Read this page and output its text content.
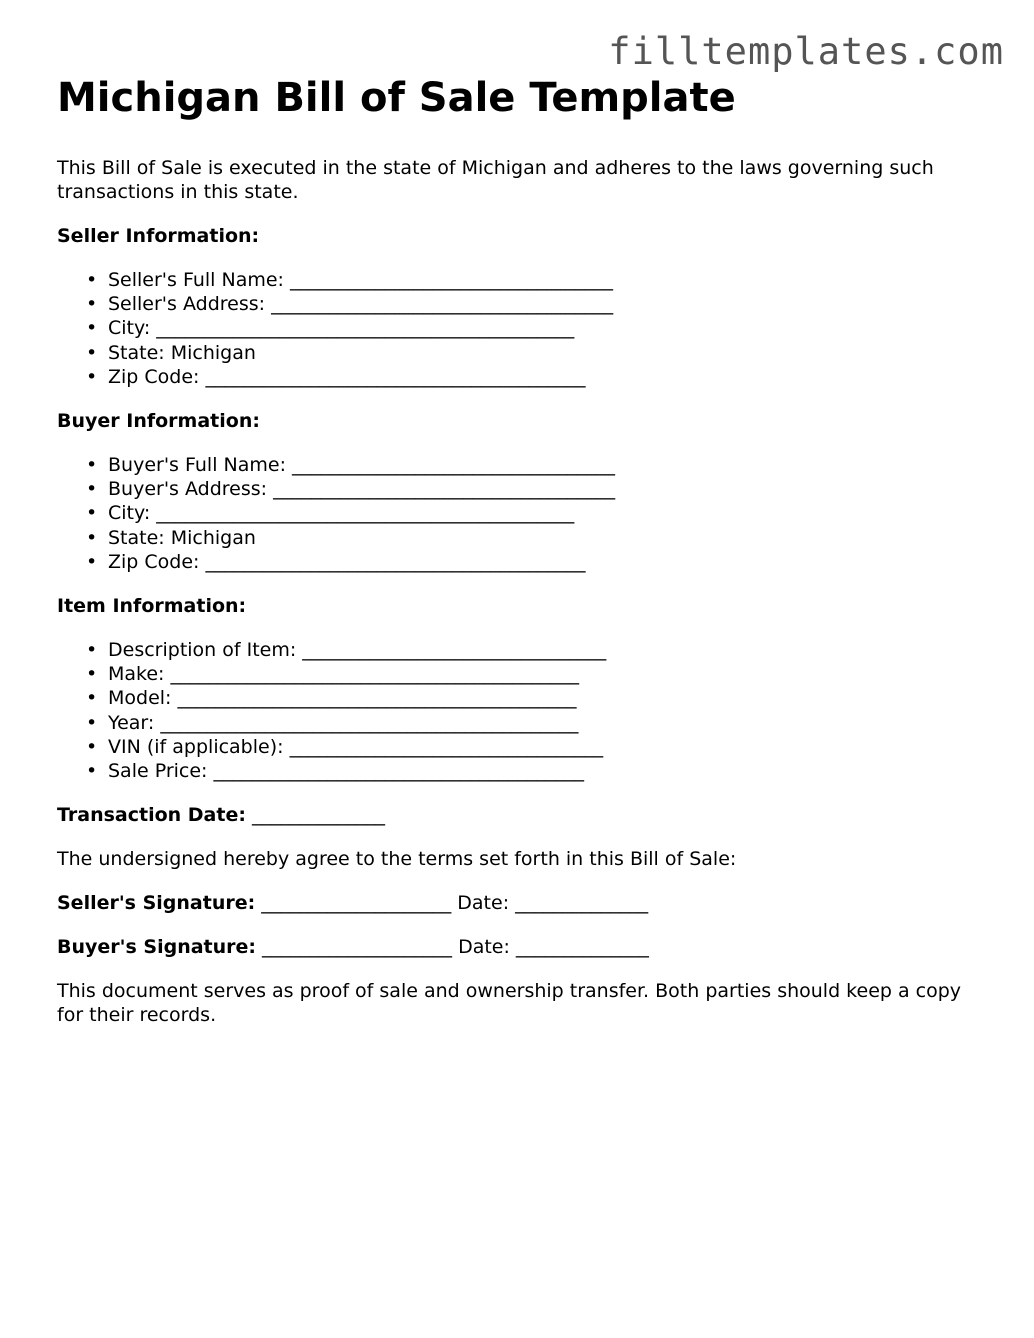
filltemplates.com
Michigan Bill of Sale Template

This Bill of Sale is executed in the state of Michigan and adheres to the laws governing such transactions in this state.

Seller Information:
• Seller's Full Name: __________________________________
• Seller's Address: ____________________________________
• City: ____________________________________________
• State: Michigan
• Zip Code: ________________________________________
Buyer Information:
• Buyer's Full Name: __________________________________
• Buyer's Address: ____________________________________
• City: ____________________________________________
• State: Michigan
• Zip Code: ________________________________________
Item Information:
• Description of Item: ________________________________
• Make: ___________________________________________
• Model: __________________________________________
• Year: ____________________________________________
• VIN (if applicable): _________________________________
• Sale Price: _______________________________________
Transaction Date: ______________

The undersigned hereby agree to the terms set forth in this Bill of Sale:

Seller's Signature: ____________________ Date: ______________
Buyer's Signature: ____________________ Date: ______________

This document serves as proof of sale and ownership transfer. Both parties should keep a copy for their records.
